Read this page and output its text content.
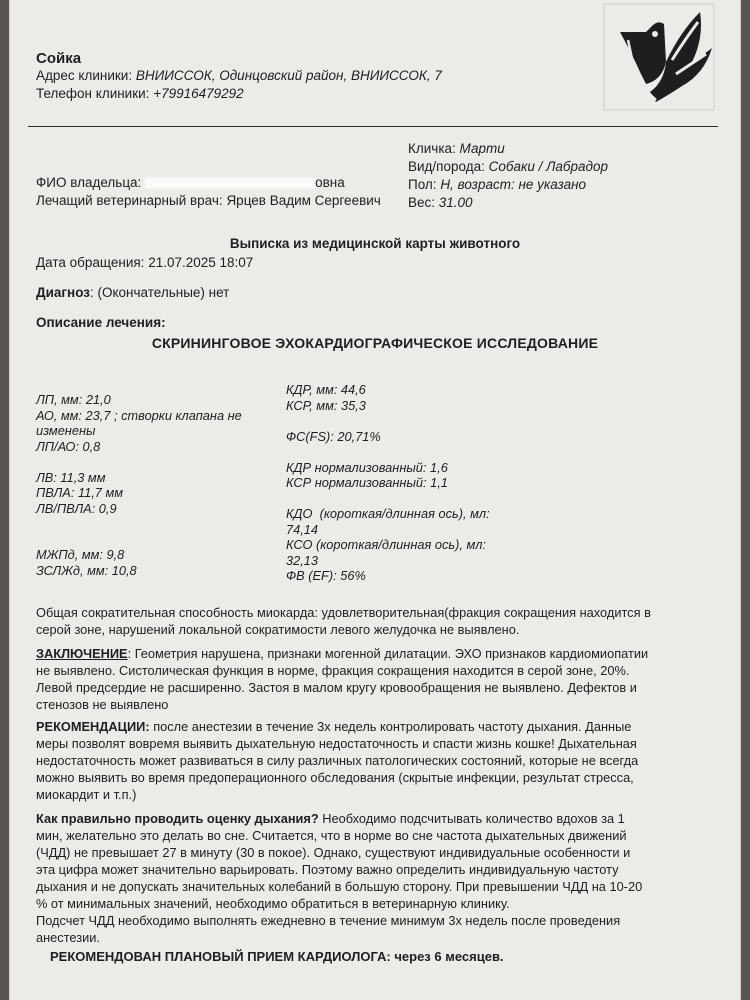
Сойка
Адрес клиники: ВНИИССОК, Одинцовский район, ВНИИССОК, 7
Телефон клиники: +79916479292
Кличка: Марти
Вид/порода: Собаки / Лабрадор
Пол: Н, возраст: не указано
Вес: 31.00
ФИО владельца:	овна
Лечащий ветеринарный врач: Ярцев Вадим Сергеевич
Выписка из медицинской карты животного
Дата обращения: 21.07.2025 18:07
Диагноз: (Окончательные) нет
Описание лечения:
СКРИНИНГОВОЕ ЭХОКАРДИОГРАФИЧЕСКОЕ ИССЛЕДОВАНИЕ
ЛП, мм: 21,0
АО, мм: 23,7 ; створки клапана не
изменены
ЛП/АО: 0,8

ЛВ: 11,3 мм
ПВЛА: 11,7 мм
ЛВ/ПВЛА: 0,9

МЖПд, мм: 9,8
ЗСЛЖд, мм: 10,8
КДР, мм: 44,6
КСР, мм: 35,3

ФС(FS): 20,71%

КДР нормализованный: 1,6
КСР нормализованный: 1,1

КДО  (короткая/длинная ось), мл:
74,14
КСО (короткая/длинная ось), мл:
32,13
ФВ (EF): 56%
Общая сократительная способность миокарда: удовлетворительная(фракция сокращения находится в
серой зоне, нарушений локальной сократимости левого желудочка не выявлено.
ЗАКЛЮЧЕНИЕ: Геометрия нарушена, признаки могенной дилатации. ЭХО признаков кардиомиопатии
не выявлено. Систолическая функция в норме, фракция сокращения находится в серой зоне, 20%.
Левой предсердие не расширенно. Застоя в малом кругу кровообращения не выявлено. Дефектов и
стенозов не выявлено
РЕКОМЕНДАЦИИ: после анестезии в течение 3х недель контролировать частоту дыхания. Данные
меры позволят вовремя выявить дыхательную недостаточность и спасти жизнь кошке! Дыхательная
недостаточность может развиваться в силу различных патологических состояний, которые не всегда
можно выявить во время предоперационного обследования (скрытые инфекции, результат стресса,
миокардит и т.п.)
Как правильно проводить оценку дыхания? Необходимо подсчитывать количество вдохов за 1
мин, желательно это делать во сне. Считается, что в норме во сне частота дыхательных движений
(ЧДД) не превышает 27 в минуту (30 в покое). Однако, существуют индивидуальные особенности и
эта цифра может значительно варьировать. Поэтому важно определить индивидуальную частоту
дыхания и не допускать значительных колебаний в большую сторону. При превышении ЧДД на 10-20
% от минимальных значений, необходимо обратиться в ветеринарную клинику.
Подсчет ЧДД необходимо выполнять ежедневно в течение минимум 3х недель после проведения
анестезии.
РЕКОМЕНДОВАН ПЛАНОВЫЙ ПРИЕМ КАРДИОЛОГА: через 6 месяцев.
